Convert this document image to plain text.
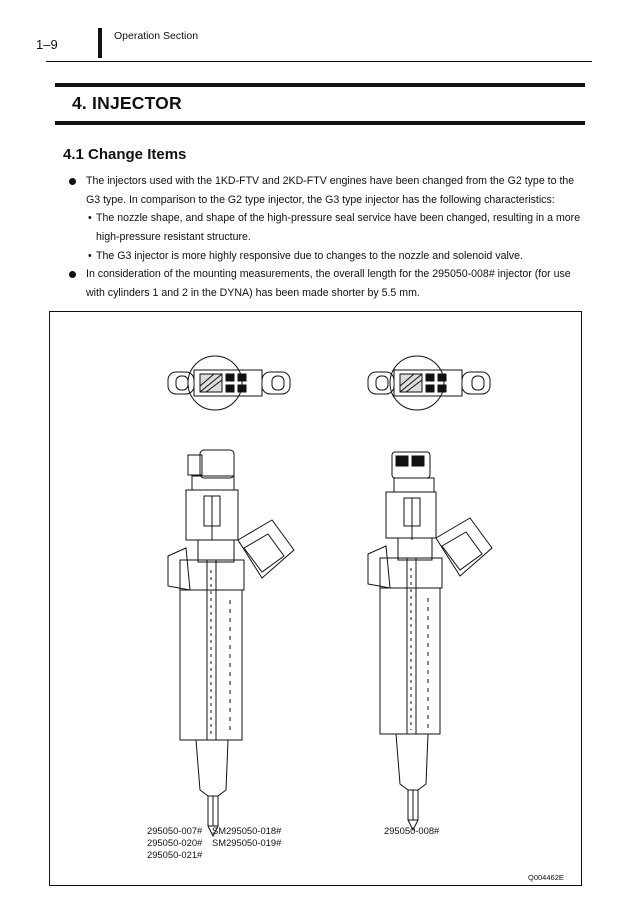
1–9
Operation Section
4. INJECTOR
4.1 Change Items
The injectors used with the 1KD-FTV and 2KD-FTV engines have been changed from the G2 type to the
G3 type. In comparison to the G2 type injector, the G3 type injector has the following characteristics:
• The nozzle shape, and shape of the high-pressure seal service have been changed, resulting in a more
high-pressure resistant structure.
• The G3 injector is more highly responsive due to changes to the nozzle and solenoid valve.
In consideration of the mounting measurements, the overall length for the 295050-008# injector (for use
with cylinders 1 and 2 in the DYNA) has been made shorter by 5.5 mm.
295050-007#
295050-020#
295050-021#
SM295050-018#
SM295050-019#
295050-008#
Q004462E
